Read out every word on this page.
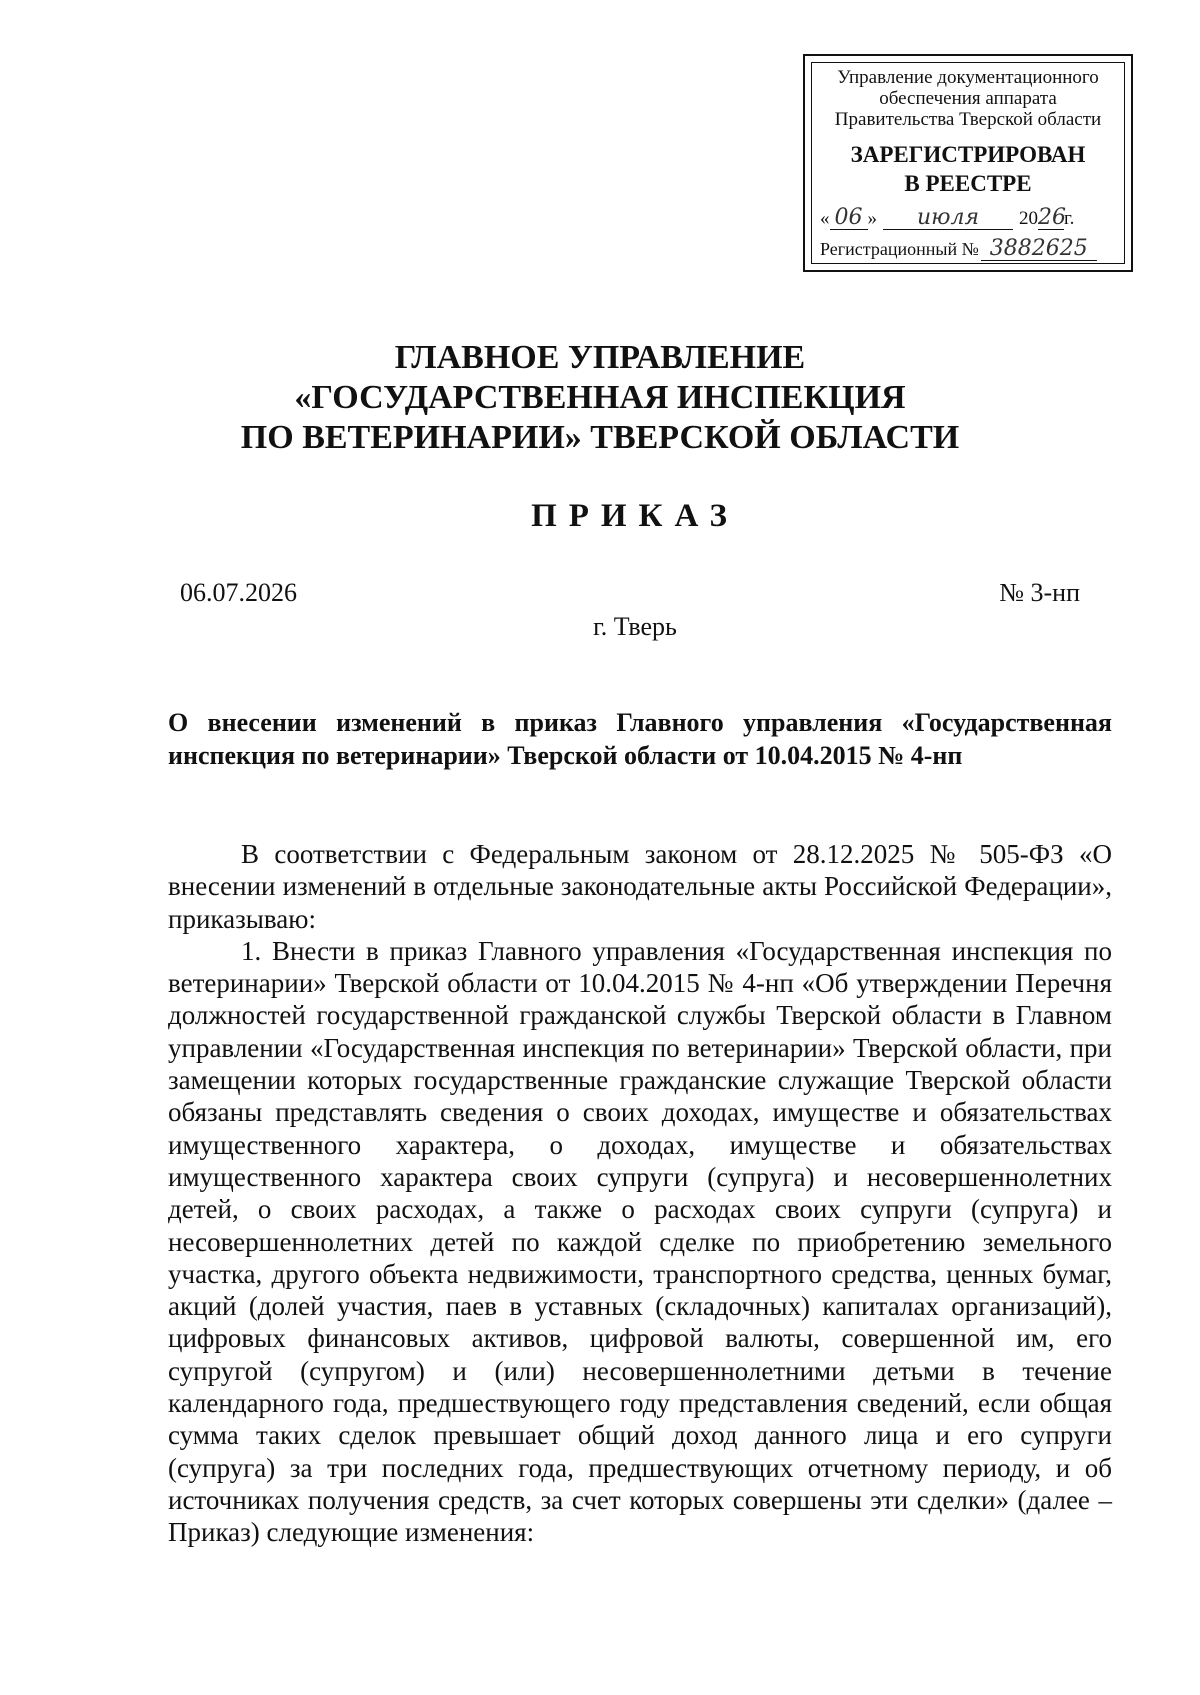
Управление документационного
обеспечения аппарата
Правительства Тверской области
ЗАРЕГИСТРИРОВАН
В РЕЕСТРЕ
« 06 » июля 2026г.
Регистрационный № 3882625
ГЛАВНОЕ УПРАВЛЕНИЕ
«ГОСУДАРСТВЕННАЯ ИНСПЕКЦИЯ
ПО ВЕТЕРИНАРИИ» ТВЕРСКОЙ ОБЛАСТИ
ПРИКАЗ
06.07.2026	№ 3-нп
г. Тверь
О внесении изменений в приказ Главного управления «Государственная инспекция по ветеринарии» Тверской области от 10.04.2015 № 4-нп

В соответствии с Федеральным законом от 28.12.2025 № 505-ФЗ «О внесении изменений в отдельные законодательные акты Российской Федерации», приказываю:

1. Внести в приказ Главного управления «Государственная инспекция по ветеринарии» Тверской области от 10.04.2015 № 4-нп «Об утверждении Перечня должностей государственной гражданской службы Тверской области в Главном управлении «Государственная инспекция по ветеринарии» Тверской области, при замещении которых государственные гражданские служащие Тверской области обязаны представлять сведения о своих доходах, имуществе и обязательствах имущественного характера, о доходах, имуществе и обязательствах имущественного характера своих супруги (супруга) и несовершеннолетних детей, о своих расходах, а также о расходах своих супруги (супруга) и несовершеннолетних детей по каждой сделке по приобретению земельного участка, другого объекта недвижимости, транспортного средства, ценных бумаг, акций (долей участия, паев в уставных (складочных) капиталах организаций), цифровых финансовых активов, цифровой валюты, совершенной им, его супругой (супругом) и (или) несовершеннолетними детьми в течение календарного года, предшествующего году представления сведений, если общая сумма таких сделок превышает общий доход данного лица и его супруги (супруга) за три последних года, предшествующих отчетному периоду, и об источниках получения средств, за счет которых совершены эти сделки» (далее – Приказ) следующие изменения:
